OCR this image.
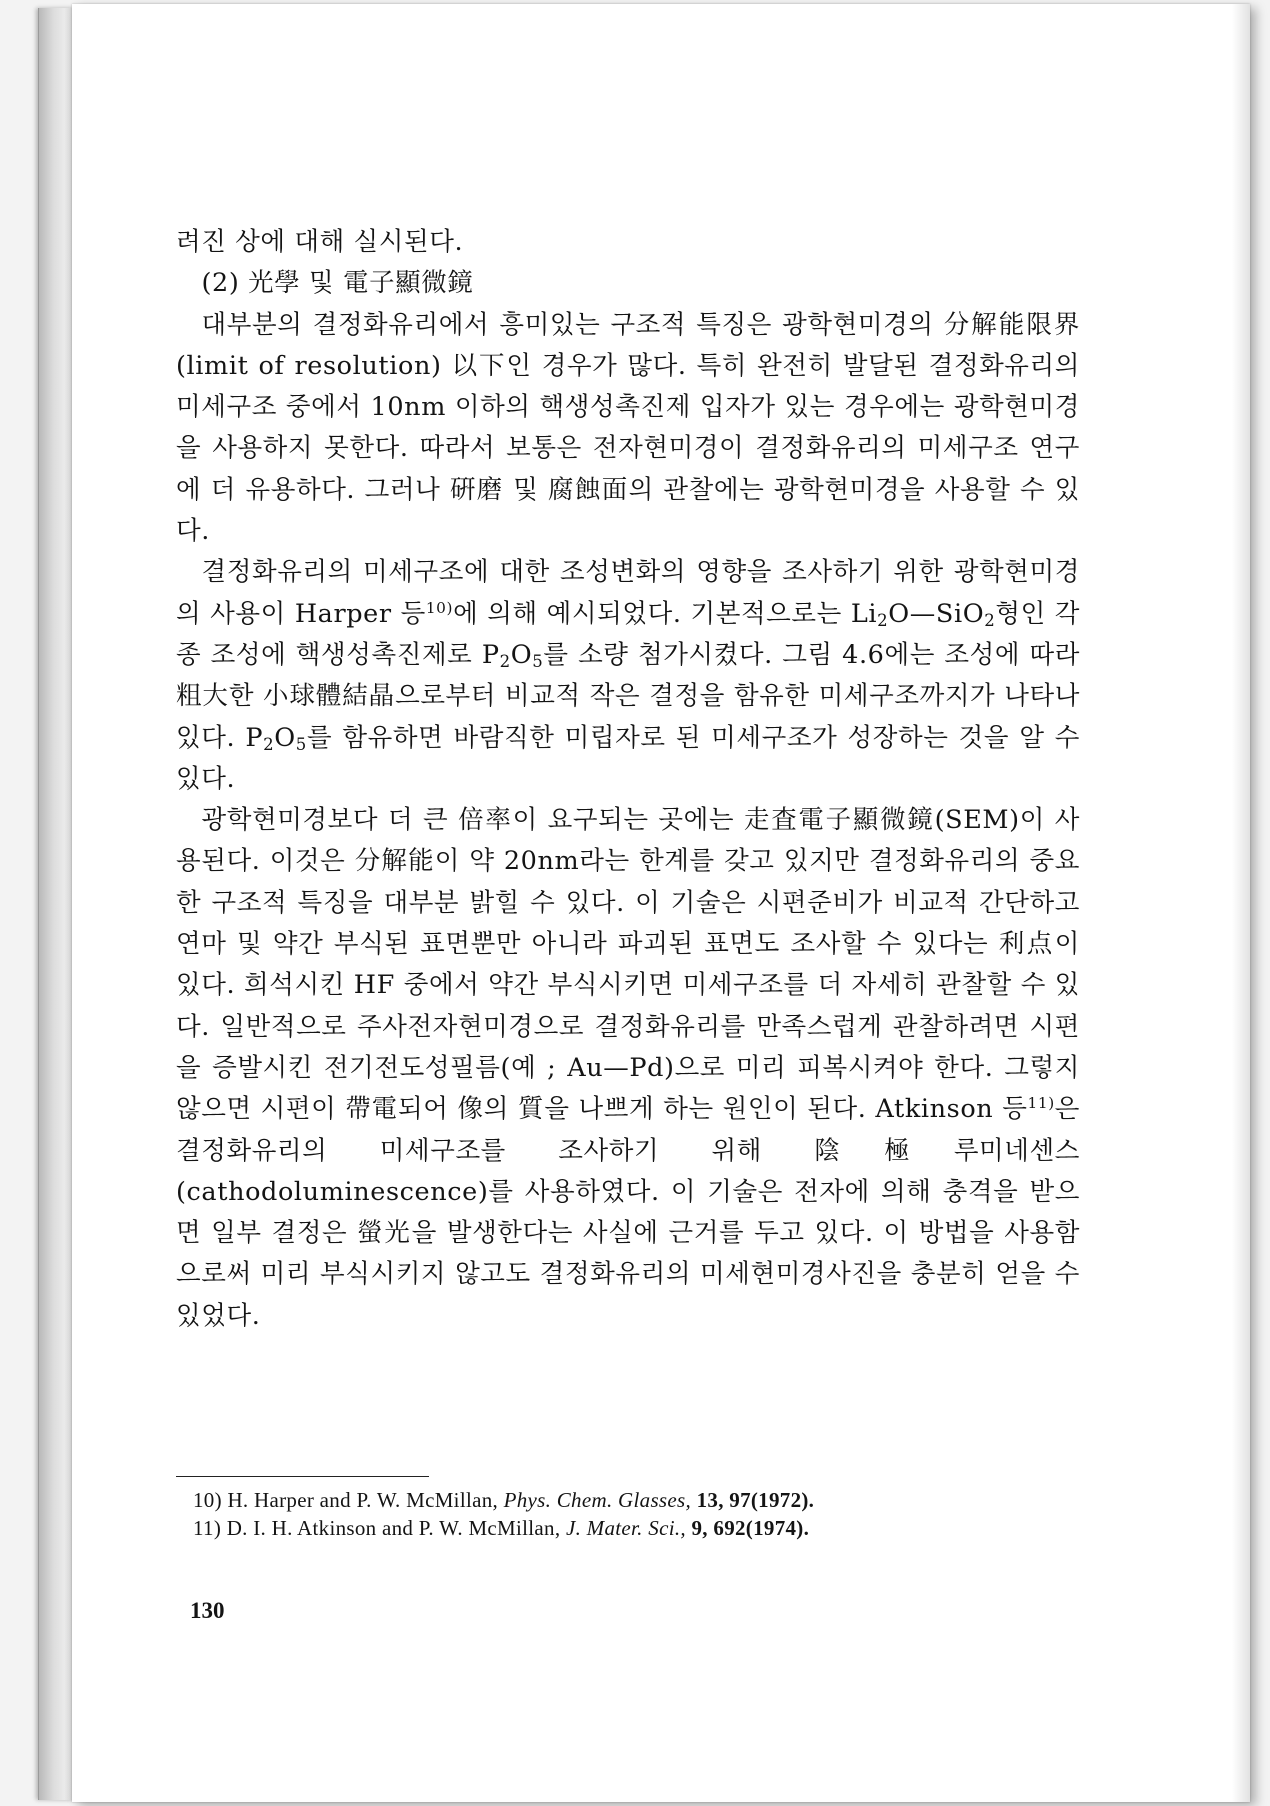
려진 상에 대해 실시된다.

(2) 光學 및 電子顯微鏡

대부분의 결정화유리에서 흥미있는 구조적 특징은 광학현미경의 分解能限界(limit of resolution) 以下인 경우가 많다. 특히 완전히 발달된 결정화유리의 미세구조 중에서 10nm 이하의 핵생성촉진제 입자가 있는 경우에는 광학현미경을 사용하지 못한다. 따라서 보통은 전자현미경이 결정화유리의 미세구조 연구에 더 유용하다. 그러나 硏磨 및 腐蝕面의 관찰에는 광학현미경을 사용할 수 있다.

결정화유리의 미세구조에 대한 조성변화의 영향을 조사하기 위한 광학현미경의 사용이 Harper 등$^{10)}$에 의해 예시되었다. 기본적으로는 $Li_2O—SiO_2$형인 각종 조성에 핵생성촉진제로 $P_2O_5$를 소량 첨가시켰다. 그림 4.6에는 조성에 따라 粗大한 小球體結晶으로부터 비교적 작은 결정을 함유한 미세구조까지가 나타나 있다. $P_2O_5$를 함유하면 바람직한 미립자로 된 미세구조가 성장하는 것을 알 수 있다.

광학현미경보다 더 큰 倍率이 요구되는 곳에는 走査電子顯微鏡(SEM)이 사용된다. 이것은 分解能이 약 20nm라는 한계를 갖고 있지만 결정화유리의 중요한 구조적 특징을 대부분 밝힐 수 있다. 이 기술은 시편준비가 비교적 간단하고 연마 및 약간 부식된 표면뿐만 아니라 파괴된 표면도 조사할 수 있다는 利点이 있다. 희석시킨 HF 중에서 약간 부식시키면 미세구조를 더 자세히 관찰할 수 있다. 일반적으로 주사전자현미경으로 결정화유리를 만족스럽게 관찰하려면 시편을 증발시킨 전기전도성필름(예 ; Au—Pd)으로 미리 피복시켜야 한다. 그렇지 않으면 시편이 帶電되어 像의 質을 나쁘게 하는 원인이 된다. Atkinson 등$^{11)}$은 결정화유리의 미세구조를 조사하기 위해 陰極루미네센스(cathodoluminescence)를 사용하였다. 이 기술은 전자에 의해 충격을 받으면 일부 결정은 螢光을 발생한다는 사실에 근거를 두고 있다. 이 방법을 사용함으로써 미리 부식시키지 않고도 결정화유리의 미세현미경사진을 충분히 얻을 수 있었다.

10) H. Harper and P. W. McMillan, Phys. Chem. Glasses, 13, 97(1972).

11) D. I. H. Atkinson and P. W. McMillan, J. Mater. Sci., 9, 692(1974).

130
